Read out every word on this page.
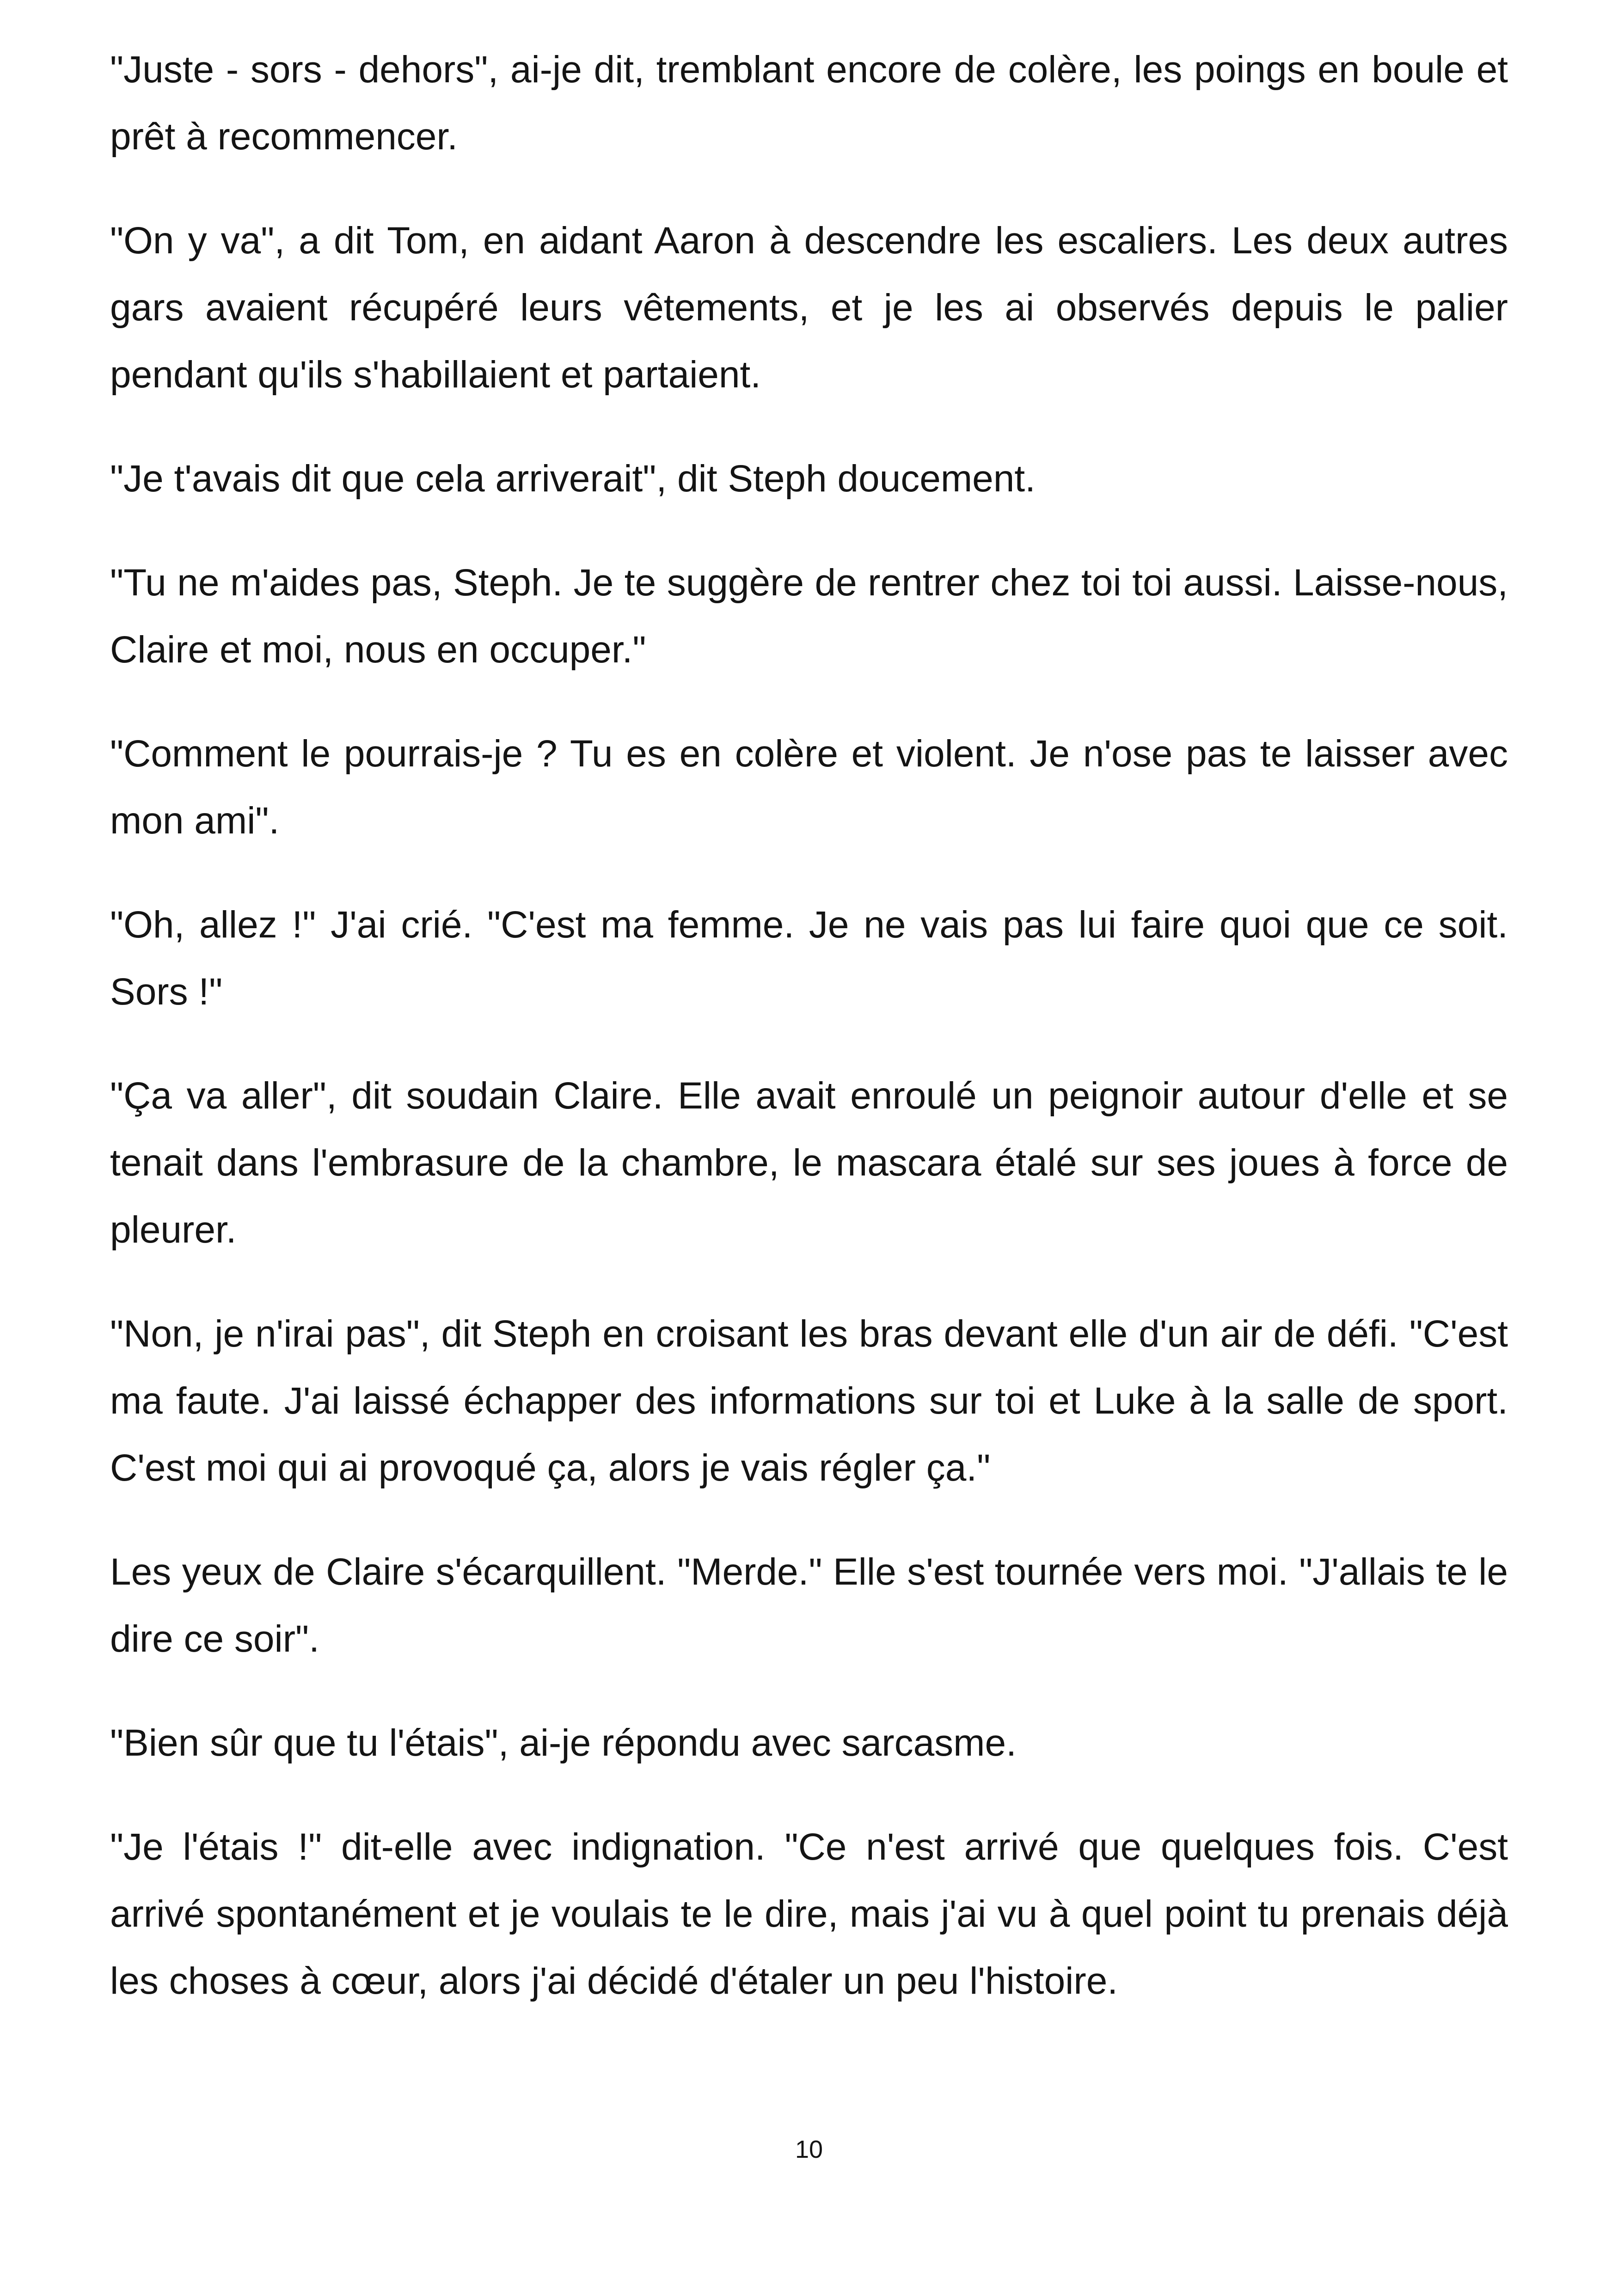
"Juste - sors - dehors", ai-je dit, tremblant encore de colère, les poings en boule et prêt à recommencer.

"On y va", a dit Tom, en aidant Aaron à descendre les escaliers. Les deux autres gars avaient récupéré leurs vêtements, et je les ai observés depuis le palier pendant qu'ils s'habillaient et partaient.

"Je t'avais dit que cela arriverait", dit Steph doucement.

"Tu ne m'aides pas, Steph. Je te suggère de rentrer chez toi toi aussi. Laisse-nous, Claire et moi, nous en occuper."

"Comment le pourrais-je ? Tu es en colère et violent. Je n'ose pas te laisser avec mon ami".

"Oh, allez !" J'ai crié. "C'est ma femme. Je ne vais pas lui faire quoi que ce soit. Sors !"

"Ça va aller", dit soudain Claire. Elle avait enroulé un peignoir autour d'elle et se tenait dans l'embrasure de la chambre, le mascara étalé sur ses joues à force de pleurer.

"Non, je n'irai pas", dit Steph en croisant les bras devant elle d'un air de défi. "C'est ma faute. J'ai laissé échapper des informations sur toi et Luke à la salle de sport. C'est moi qui ai provoqué ça, alors je vais régler ça."

Les yeux de Claire s'écarquillent. "Merde." Elle s'est tournée vers moi. "J'allais te le dire ce soir".

"Bien sûr que tu l'étais", ai-je répondu avec sarcasme.

"Je l'étais !" dit-elle avec indignation. "Ce n'est arrivé que quelques fois. C'est arrivé spontanément et je voulais te le dire, mais j'ai vu à quel point tu prenais déjà les choses à cœur, alors j'ai décidé d'étaler un peu l'histoire.

10
